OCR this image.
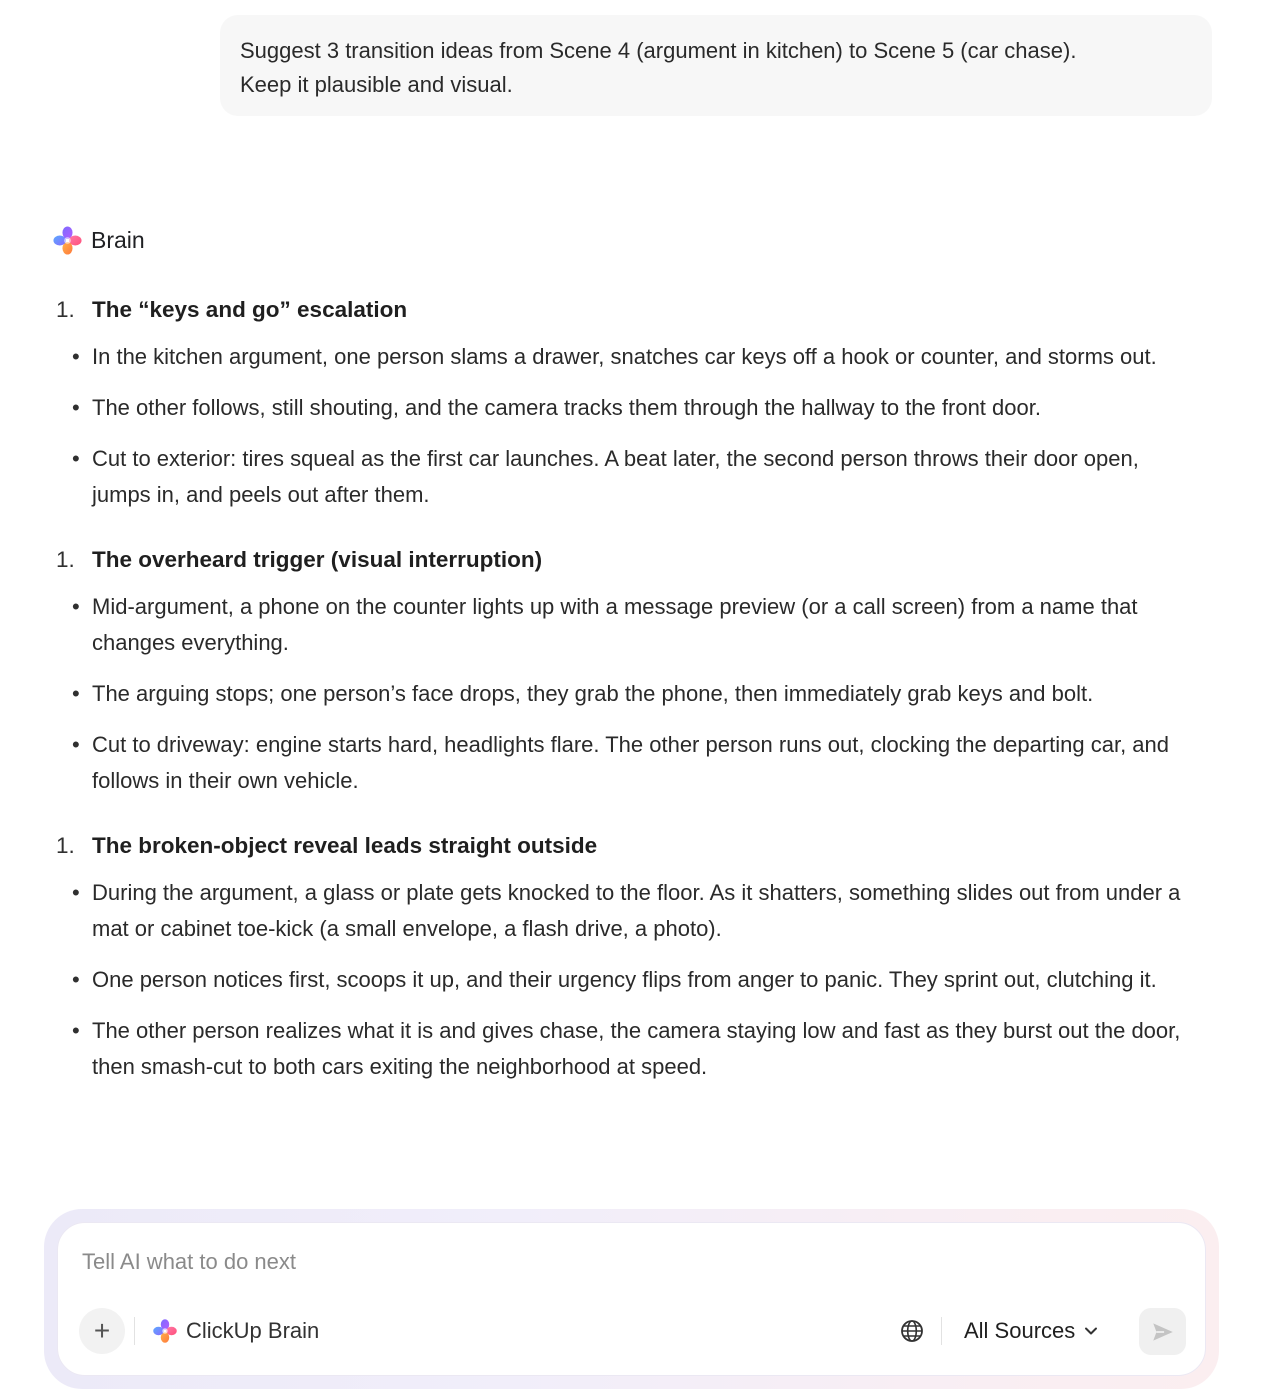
Suggest 3 transition ideas from Scene 4 (argument in kitchen) to Scene 5 (car chase).

Keep it plausible and visual.

Brain
1. The “keys and go” escalation
• In the kitchen argument, one person slams a drawer, snatches car keys off a hook or counter, and storms out.

• The other follows, still shouting, and the camera tracks them through the hallway to the front door.

• Cut to exterior: tires squeal as the first car launches. A beat later, the second person throws their door open, jumps in, and peels out after them.

1. The overheard trigger (visual interruption)
• Mid-argument, a phone on the counter lights up with a message preview (or a call screen) from a name that changes everything.

• The arguing stops; one person’s face drops, they grab the phone, then immediately grab keys and bolt.

• Cut to driveway: engine starts hard, headlights flare. The other person runs out, clocking the departing car, and follows in their own vehicle.

1. The broken-object reveal leads straight outside
• During the argument, a glass or plate gets knocked to the floor. As it shatters, something slides out from under a mat or cabinet toe-kick (a small envelope, a flash drive, a photo).

• One person notices first, scoops it up, and their urgency flips from anger to panic. They sprint out, clutching it.

• The other person realizes what it is and gives chase, the camera staying low and fast as they burst out the door, then smash-cut to both cars exiting the neighborhood at speed.

Tell AI what to do next
+	ClickUp Brain	All Sources
